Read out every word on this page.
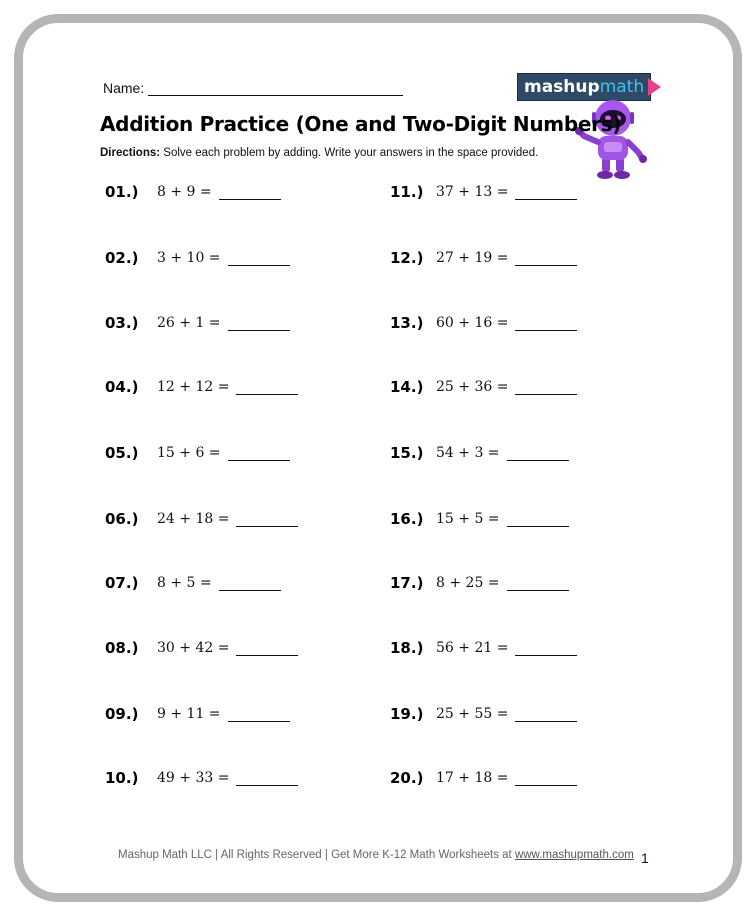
Name:	mashup math
Addition Practice (One and Two-Digit Numbers)
Directions: Solve each problem by adding. Write your answers in the space provided.
01.)	8 + 9 =
02.)	3 + 10 =
03.)	26 + 1 =
04.)	12 + 12 =
05.)	15 + 6 =
06.)	24 + 18 =
07.)	8 + 5 =
08.)	30 + 42 =
09.)	9 + 11 =
10.)	49 + 33 =
11.) 37 + 13 =
12.) 27 + 19 =
13.) 60 + 16 =
14.) 25 + 36 =
15.) 54 + 3 =
16.) 15 + 5 =
17.) 8 + 25 =
18.) 56 + 21 =
19.) 25 + 55 =
20.) 17 + 18 =
Mashup Math LLC | All Rights Reserved | Get More K-12 Math Worksheets at www.mashupmath.com 1
